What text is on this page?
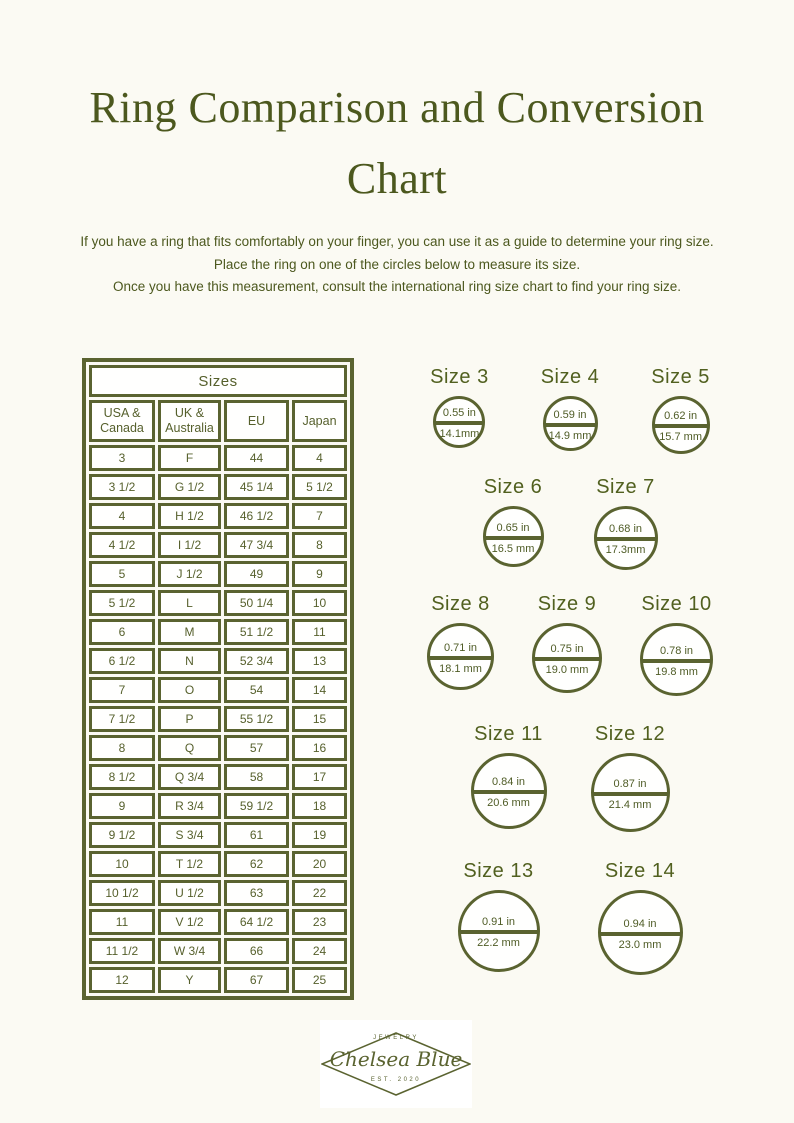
Ring Comparison and Conversion
Chart

If you have a ring that fits comfortably on your finger, you can use it as a guide to determine your ring size.

Place the ring on one of the circles below to measure its size.

Once you have this measurement, consult the international ring size chart to find your ring size.

Sizes			
USA & Canada	UK & Australia	EU	Japan
3	F	44	4
3 1/2	G 1/2	45 1/4	5 1/2
4	H 1/2	46 1/2	7
4 1/2	I 1/2	47 3/4	8
5	J 1/2	49	9
5 1/2	L	50 1/4	10
6	M	51 1/2	11
6 1/2	N	52 3/4	13
7	O	54	14
7 1/2	P	55 1/2	15
8	Q	57	16
8 1/2	Q 3/4	58	17
9	R 3/4	59 1/2	18
9 1/2	S 3/4	61	19
10	T 1/2	62	20
10 1/2	U 1/2	63	22
11	V 1/2	64 1/2	23
11 1/2	W 3/4	66	24
12	Y	67	25
Size 3
0.55 in
14.1mm
Size 4
0.59 in
14.9 mm
Size 5
0.62 in
15.7 mm
Size 6
0.65 in
16.5 mm
Size 7
0.68 in
17.3mm
Size 8
0.71 in
18.1 mm
Size 9
0.75 in
19.0 mm
Size 10
0.78 in
19.8 mm
Size 11
0.84 in
20.6 mm
Size 12
0.87 in
21.4 mm
Size 13
0.91 in
22.2 mm
Size 14
0.94 in
23.0 mm
JEWELRY
Chelsea Blue
EST. 2020
